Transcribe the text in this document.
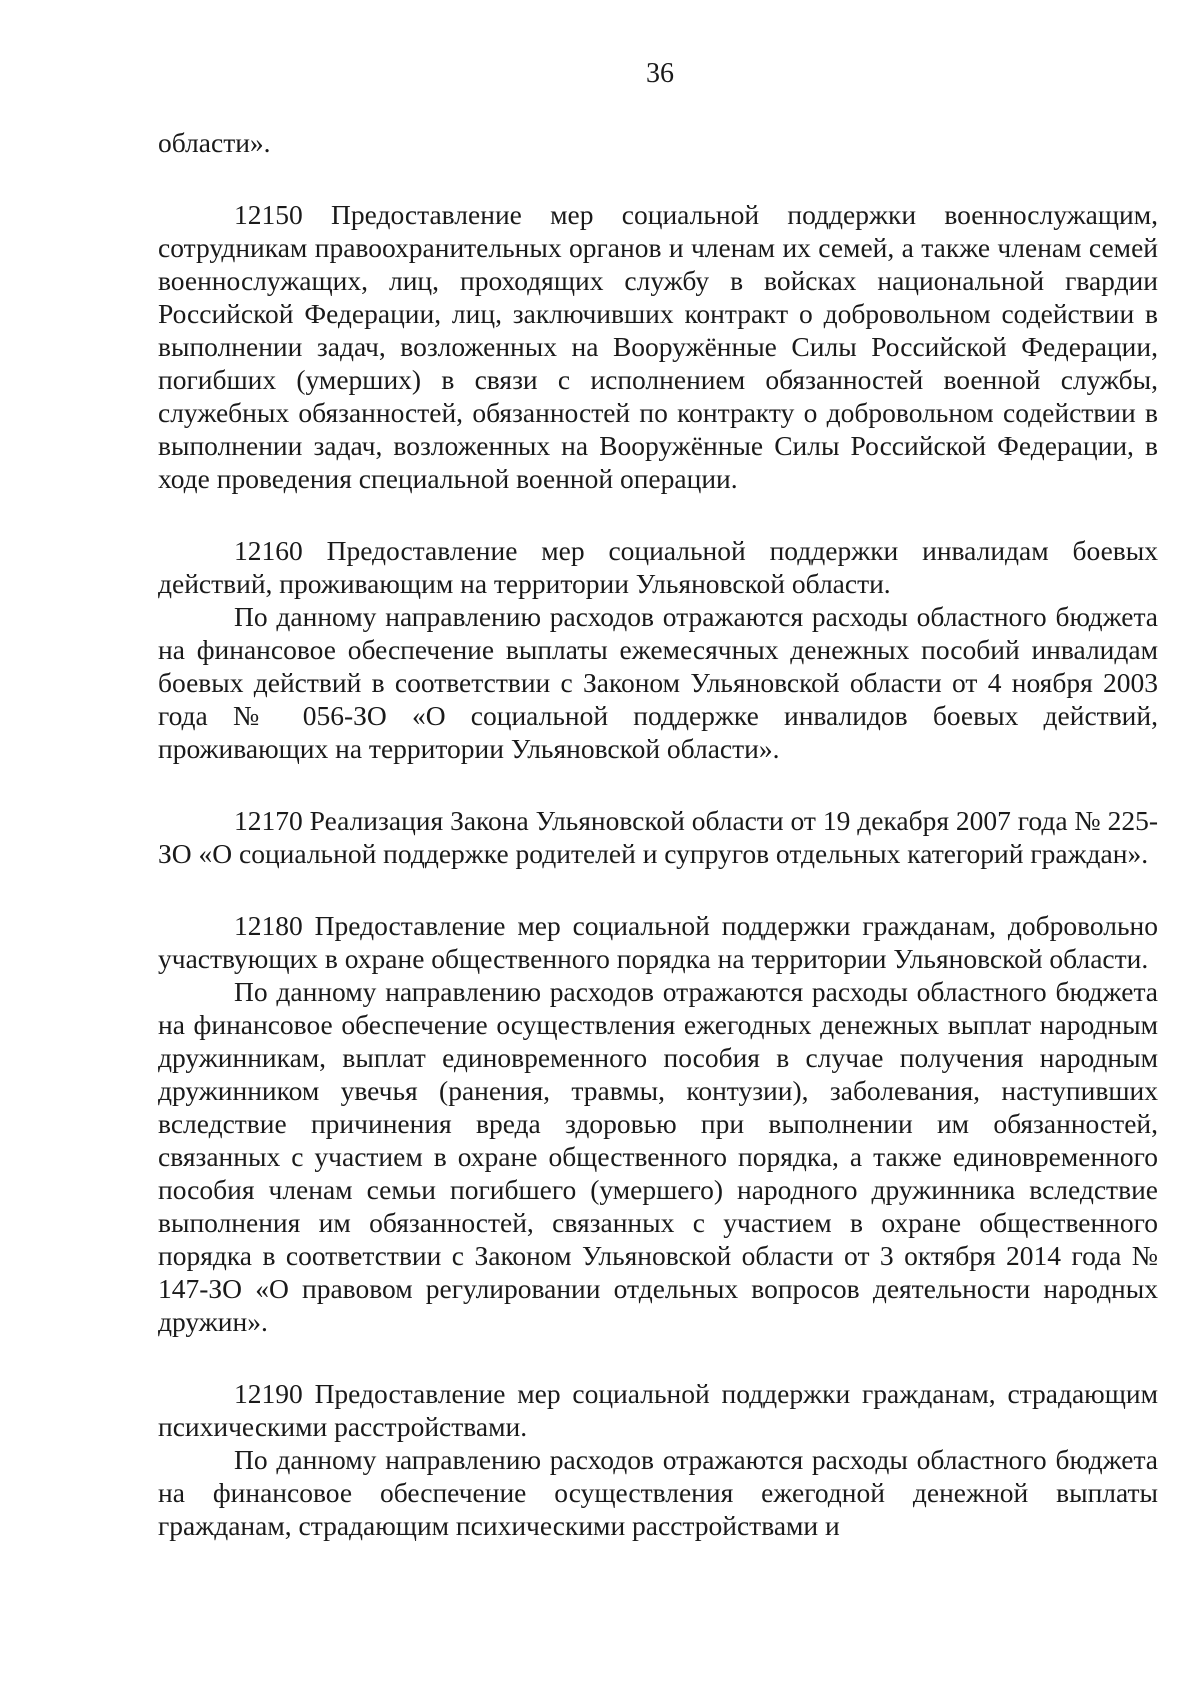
36

области».

12150 Предоставление мер социальной поддержки военнослужащим, сотрудникам правоохранительных органов и членам их семей, а также членам семей военнослужащих, лиц, проходящих службу в войсках национальной гвардии Российской Федерации, лиц, заключивших контракт о добровольном содействии в выполнении задач, возложенных на Вооружённые Силы Российской Федерации, погибших (умерших) в связи с исполнением обязанностей военной службы, служебных обязанностей, обязанностей по контракту о добровольном содействии в выполнении задач, возложенных на Вооружённые Силы Российской Федерации, в ходе проведения специальной военной операции.

12160 Предоставление мер социальной поддержки инвалидам боевых действий, проживающим на территории Ульяновской области.

По данному направлению расходов отражаются расходы областного бюджета на финансовое обеспечение выплаты ежемесячных денежных пособий инвалидам боевых действий в соответствии с Законом Ульяновской области от 4 ноября 2003 года № 056-ЗО «О социальной поддержке инвалидов боевых действий, проживающих на территории Ульяновской области».

12170 Реализация Закона Ульяновской области от 19 декабря 2007 года № 225-ЗО «О социальной поддержке родителей и супругов отдельных категорий граждан».

12180 Предоставление мер социальной поддержки гражданам, добровольно участвующих в охране общественного порядка на территории Ульяновской области.

По данному направлению расходов отражаются расходы областного бюджета на финансовое обеспечение осуществления ежегодных денежных выплат народным дружинникам, выплат единовременного пособия в случае получения народным дружинником увечья (ранения, травмы, контузии), заболевания, наступивших вследствие причинения вреда здоровью при выполнении им обязанностей, связанных с участием в охране общественного порядка, а также единовременного пособия членам семьи погибшего (умершего) народного дружинника вследствие выполнения им обязанностей, связанных с участием в охране общественного порядка в соответствии с Законом Ульяновской области от 3 октября 2014 года № 147-ЗО «О правовом регулировании отдельных вопросов деятельности народных дружин».

12190 Предоставление мер социальной поддержки гражданам, страдающим психическими расстройствами.

По данному направлению расходов отражаются расходы областного бюджета на финансовое обеспечение осуществления ежегодной денежной выплаты гражданам, страдающим психическими расстройствами и
